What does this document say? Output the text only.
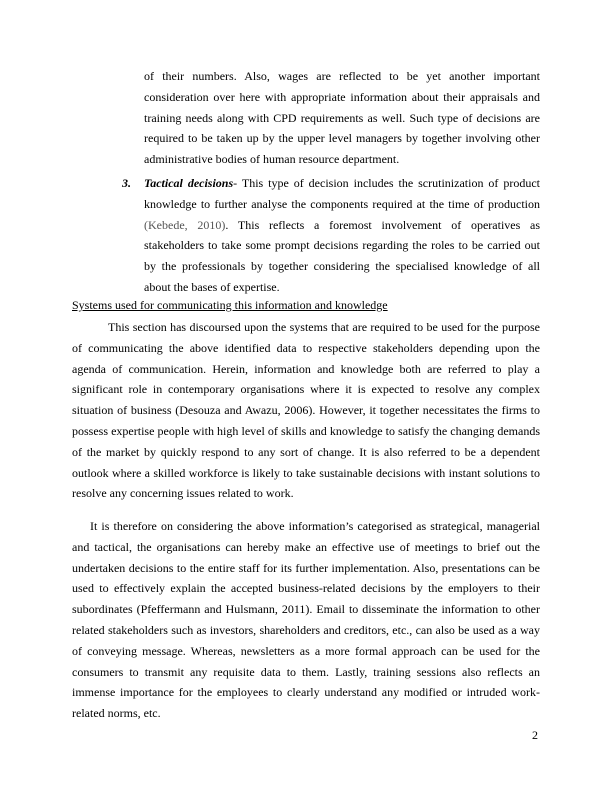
of their numbers. Also, wages are reflected to be yet another important consideration over here with appropriate information about their appraisals and training needs along with CPD requirements as well. Such type of decisions are required to be taken up by the upper level managers by together involving other administrative bodies of human resource department.

3. Tactical decisions- This type of decision includes the scrutinization of product knowledge to further analyse the components required at the time of production (Kebede, 2010). This reflects a foremost involvement of operatives as stakeholders to take some prompt decisions regarding the roles to be carried out by the professionals by together considering the specialised knowledge of all about the bases of expertise.

Systems used for communicating this information and knowledge

This section has discoursed upon the systems that are required to be used for the purpose of communicating the above identified data to respective stakeholders depending upon the agenda of communication. Herein, information and knowledge both are referred to play a significant role in contemporary organisations where it is expected to resolve any complex situation of business (Desouza and Awazu, 2006). However, it together necessitates the firms to possess expertise people with high level of skills and knowledge to satisfy the changing demands of the market by quickly respond to any sort of change. It is also referred to be a dependent outlook where a skilled workforce is likely to take sustainable decisions with instant solutions to resolve any concerning issues related to work.

It is therefore on considering the above information’s categorised as strategical, managerial and tactical, the organisations can hereby make an effective use of meetings to brief out the undertaken decisions to the entire staff for its further implementation. Also, presentations can be used to effectively explain the accepted business-related decisions by the employers to their subordinates (Pfeffermann and Hulsmann, 2011). Email to disseminate the information to other related stakeholders such as investors, shareholders and creditors, etc., can also be used as a way of conveying message. Whereas, newsletters as a more formal approach can be used for the consumers to transmit any requisite data to them. Lastly, training sessions also reflects an immense importance for the employees to clearly understand any modified or intruded work-related norms, etc.

2
